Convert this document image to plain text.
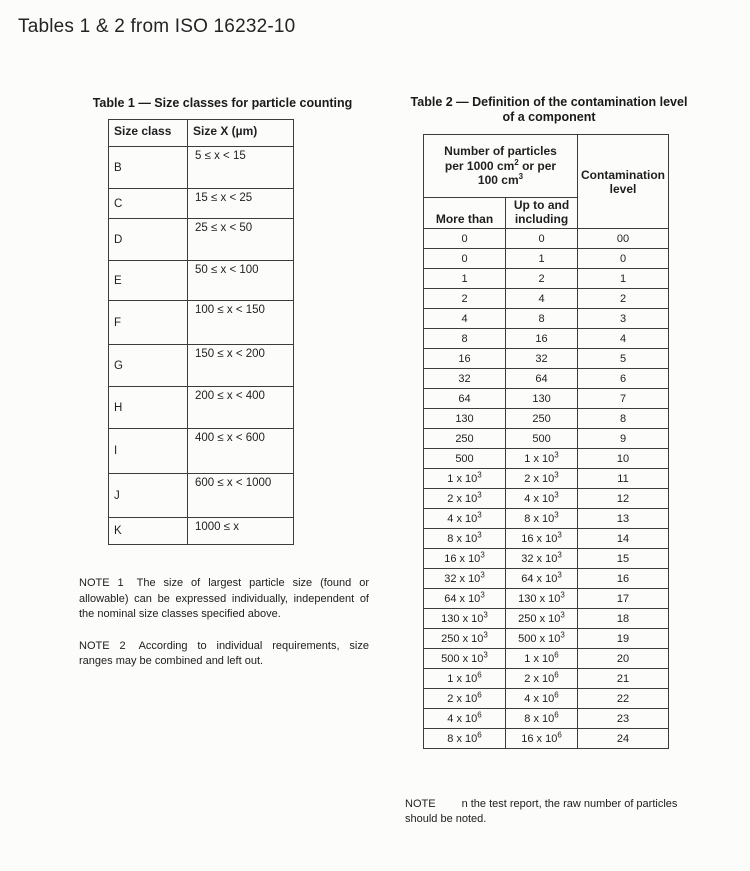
Tables 1 & 2 from ISO 16232-10
Table 1 — Size classes for particle counting
Size class	Size X (µm)
B	5 ≤ x < 15
C	15 ≤ x < 25
D	25 ≤ x < 50
E	50 ≤ x < 100
F	100 ≤ x < 150
G	150 ≤ x < 200
H	200 ≤ x < 400
I	400 ≤ x < 600
J	600 ≤ x < 1000
K	1000 ≤ x

NOTE 1 The size of largest particle size (found or allowable) can be expressed individually, independent of the nominal size classes specified above.

NOTE 2 According to individual requirements, size ranges may be combined and left out.

Table 2 — Definition of the contamination level
of a component
Number of particles
per 1000 $cm^2$ or per
100 $cm^3$		Contamination level
More than	Up to and including	
0	0	00
0	1	0
1	2	1
2	4	2
4	8	3
8	16	4
16	32	5
32	64	6
64	130	7
130	250	8
250	500	9
500	1 x $10^3$	10
1 x $10^3$	2 x $10^3$	11
2 x $10^3$	4 x $10^3$	12
4 x $10^3$	8 x $10^3$	13
8 x $10^3$	16 x $10^3$	14
16 x $10^3$	32 x $10^3$	15
32 x $10^3$	64 x $10^3$	16
64 x $10^3$	130 x $10^3$	17
130 x $10^3$	250 x $10^3$	18
250 x $10^3$	500 x $10^3$	19
500 x $10^3$	1 x $10^6$	20
1 x $10^6$	2 x $10^6$	21
2 x $10^6$	4 x $10^6$	22
4 x $10^6$	8 x $10^6$	23
8 x $10^6$	16 x $10^6$	24

NOTE n the test report, the raw number of particles should be noted.
